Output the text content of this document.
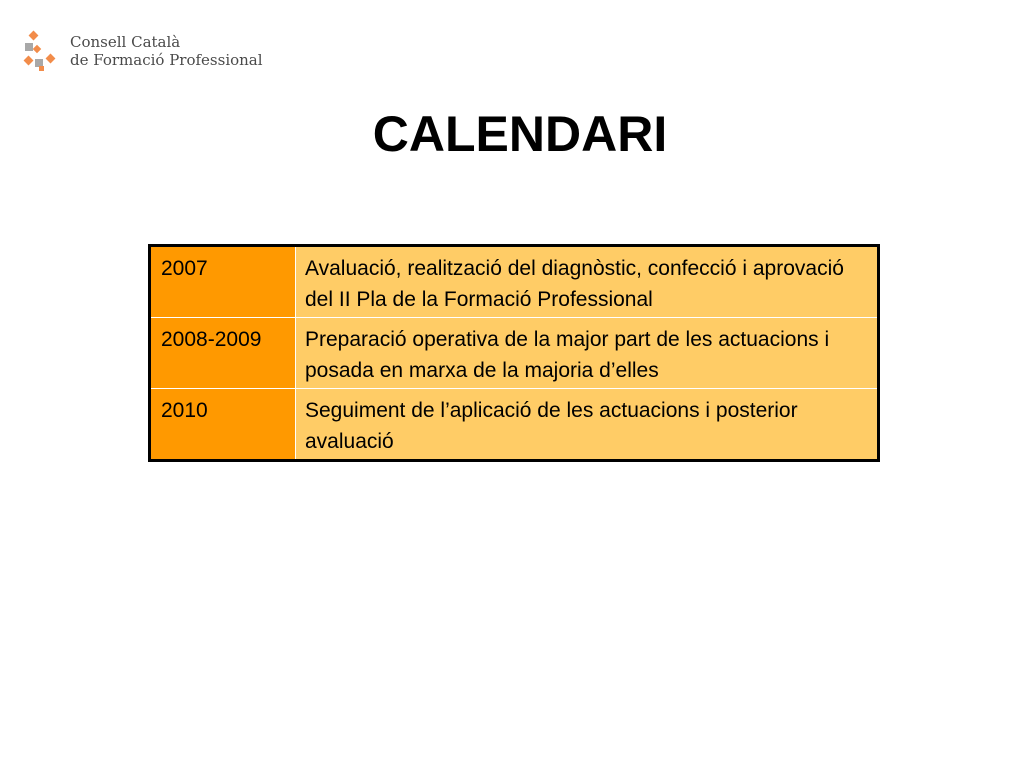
Consell Català
de Formació Professional
CALENDARI
2007	Avaluació, realització del diagnòstic, confecció i aprovació del II Pla de la Formació Professional
2008-2009	Preparació operativa de la major part de les actuacions i posada en marxa de la majoria d’elles
2010	Seguiment de l’aplicació de les actuacions i posterior avaluació
